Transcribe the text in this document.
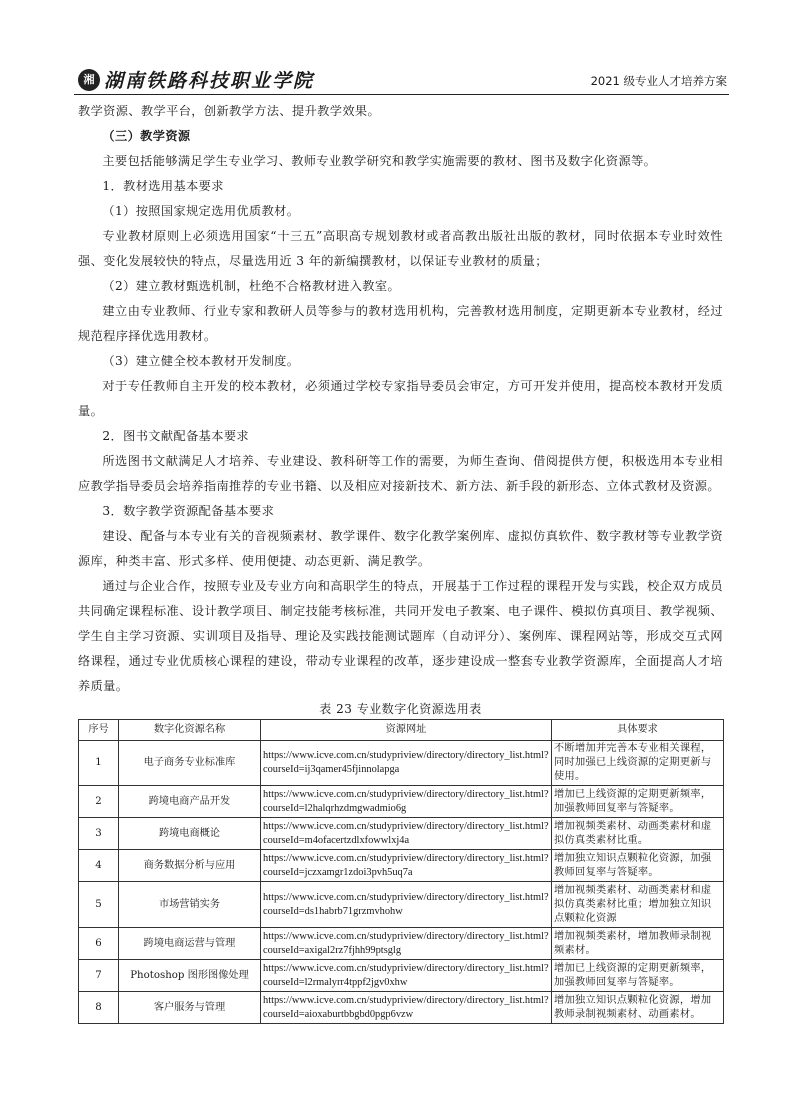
湘 湖南铁路科技职业学院	2021 级专业人才培养方案

教学资源、教学平台，创新教学方法、提升教学效果。

（三）教学资源

主要包括能够满足学生专业学习、教师专业教学研究和教学实施需要的教材、图书及数字化资源等。

1．教材选用基本要求

（1）按照国家规定选用优质教材。

专业教材原则上必须选用国家“十三五”高职高专规划教材或者高教出版社出版的教材，同时依据本专业时效性强、变化发展较快的特点，尽量选用近 3 年的新编撰教材，以保证专业教材的质量；

（2）建立教材甄选机制，杜绝不合格教材进入教室。

建立由专业教师、行业专家和教研人员等参与的教材选用机构，完善教材选用制度，定期更新本专业教材，经过规范程序择优选用教材。

（3）建立健全校本教材开发制度。

对于专任教师自主开发的校本教材，必须通过学校专家指导委员会审定，方可开发并使用，提高校本教材开发质量。

2．图书文献配备基本要求

所选图书文献满足人才培养、专业建设、教科研等工作的需要，为师生查询、借阅提供方便，积极选用本专业相应教学指导委员会培养指南推荐的专业书籍、以及相应对接新技术、新方法、新手段的新形态、立体式教材及资源。

3．数字教学资源配备基本要求

建设、配备与本专业有关的音视频素材、教学课件、数字化教学案例库、虚拟仿真软件、数字教材等专业教学资源库，种类丰富、形式多样、使用便捷、动态更新、满足教学。

通过与企业合作，按照专业及专业方向和高职学生的特点，开展基于工作过程的课程开发与实践，校企双方成员共同确定课程标准、设计教学项目、制定技能考核标准，共同开发电子教案、电子课件、模拟仿真项目、教学视频、学生自主学习资源、实训项目及指导、理论及实践技能测试题库（自动评分）、案例库、课程网站等，形成交互式网络课程，通过专业优质核心课程的建设，带动专业课程的改革，逐步建设成一整套专业教学资源库，全面提高人才培养质量。

表 23 专业数字化资源选用表
序号	数字化资源名称	资源网址	具体要求
1	电子商务专业标准库	https://www.icve.com.cn/studypriview/directory/directory_list.html?courseId=ij3qamer45fjinnolapga	不断增加并完善本专业相关课程，同时加强已上线资源的定期更新与使用。
2	跨境电商产品开发	https://www.icve.com.cn/studypriview/directory/directory_list.html?courseId=l2halqrhzdmgwadmio6g	增加已上线资源的定期更新频率，加强教师回复率与答疑率。
3	跨境电商概论	https://www.icve.com.cn/studypriview/directory/directory_list.html?courseId=m4ofacertzdlxfowwlxj4a	增加视频类素材、动画类素材和虚拟仿真类素材比重。
4	商务数据分析与应用	https://www.icve.com.cn/studypriview/directory/directory_list.html?courseId=jczxamgr1zdoi3pvh5uq7a	增加独立知识点颗粒化资源，加强教师回复率与答疑率。
5	市场营销实务	https://www.icve.com.cn/studypriview/directory/directory_list.html?courseId=ds1habrb71grzmvhohw	增加视频类素材、动画类素材和虚拟仿真类素材比重；增加独立知识点颗粒化资源
6	跨境电商运营与管理	https://www.icve.com.cn/studypriview/directory/directory_list.html?courseId=axigal2rz7fjhh99ptsglg	增加视频类素材，增加教师录制视频素材。
7	Photoshop 图形图像处理	https://www.icve.com.cn/studypriview/directory/directory_list.html?courseId=l2rmalyrr4tppf2jgv0xhw	增加已上线资源的定期更新频率，加强教师回复率与答疑率。
8	客户服务与管理	https://www.icve.com.cn/studypriview/directory/directory_list.html?courseId=aioxaburtbbgbd0pgp6vzw	增加独立知识点颗粒化资源，增加教师录制视频素材、动画素材。
